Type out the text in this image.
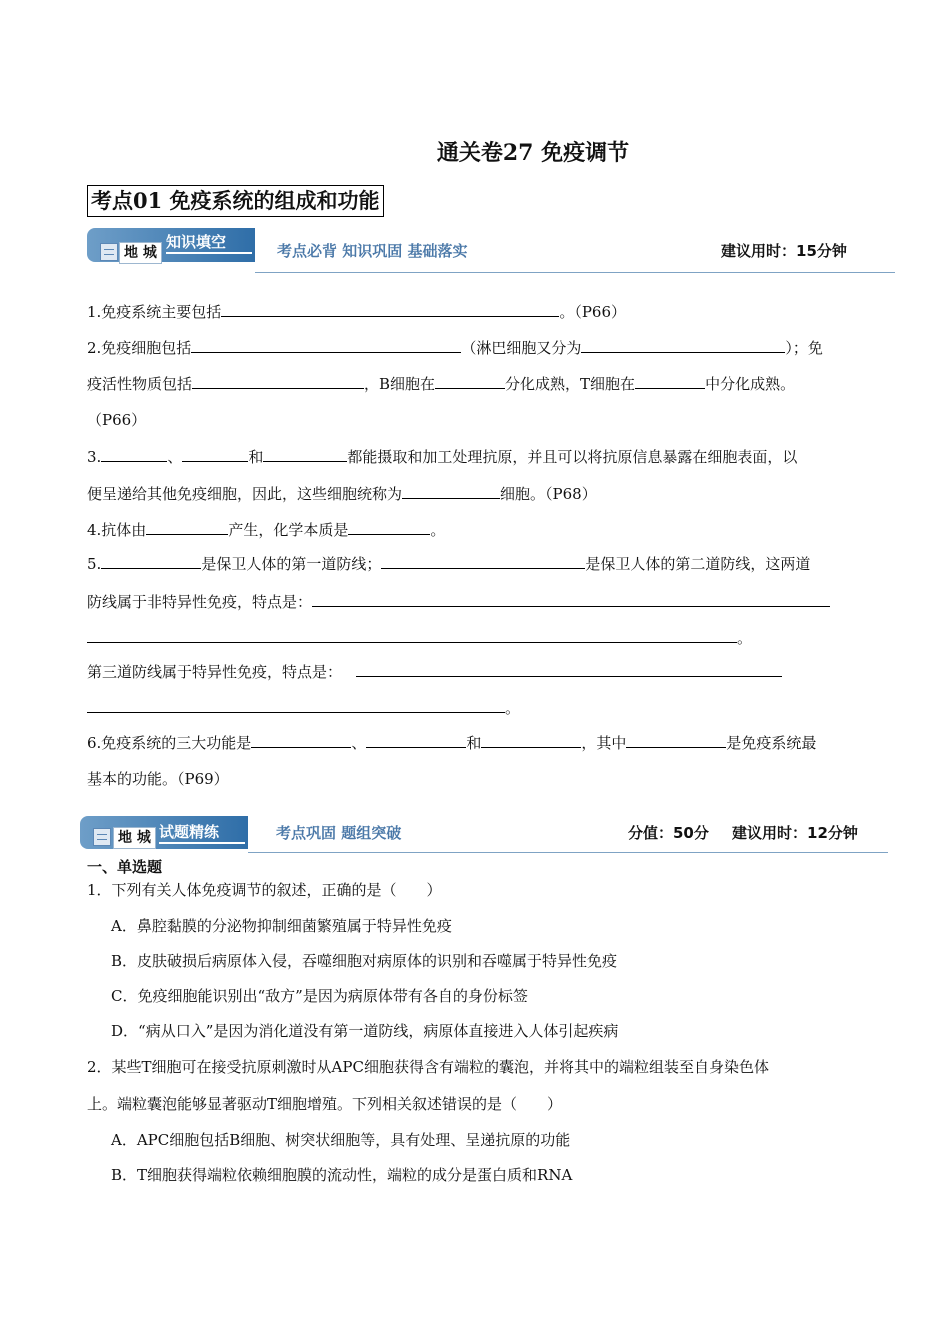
通关卷27 免疫调节
考点01 免疫系统的组成和功能
知识填空
地 城	考点必背 知识巩固 基础落实	建议用时：15分钟
1.免疫系统主要包括	。（P66）
2.免疫细胞包括	（淋巴细胞又分为	）；免
疫活性物质包括	，B细胞在	分化成熟，T细胞在	中分化成熟。
（P66）
3.	、	和	都能摄取和加工处理抗原，并且可以将抗原信息暴露在细胞表面，以
便呈递给其他免疫细胞，因此，这些细胞统称为	细胞。（P68）
4.抗体由	产生，化学本质是	。
5.	是保卫人体的第一道防线；	是保卫人体的第二道防线，这两道
防线属于非特异性免疫，特点是：
。
第三道防线属于特异性免疫，特点是：
。
6.免疫系统的三大功能是	、	和	，其中	是免疫系统最
基本的功能。（P69）
试题精练
地 城	考点巩固 题组突破	分值：50分 建议用时：12分钟
一、单选题
1．下列有关人体免疫调节的叙述，正确的是（　　）
A．鼻腔黏膜的分泌物抑制细菌繁殖属于特异性免疫
B．皮肤破损后病原体入侵，吞噬细胞对病原体的识别和吞噬属于特异性免疫
C．免疫细胞能识别出“敌方”是因为病原体带有各自的身份标签
D．“病从口入”是因为消化道没有第一道防线，病原体直接进入人体引起疾病
2．某些T细胞可在接受抗原刺激时从APC细胞获得含有端粒的囊泡，并将其中的端粒组装至自身染色体
上。端粒囊泡能够显著驱动T细胞增殖。下列相关叙述错误的是（　　）
A．APC细胞包括B细胞、树突状细胞等，具有处理、呈递抗原的功能
B．T细胞获得端粒依赖细胞膜的流动性，端粒的成分是蛋白质和RNA
